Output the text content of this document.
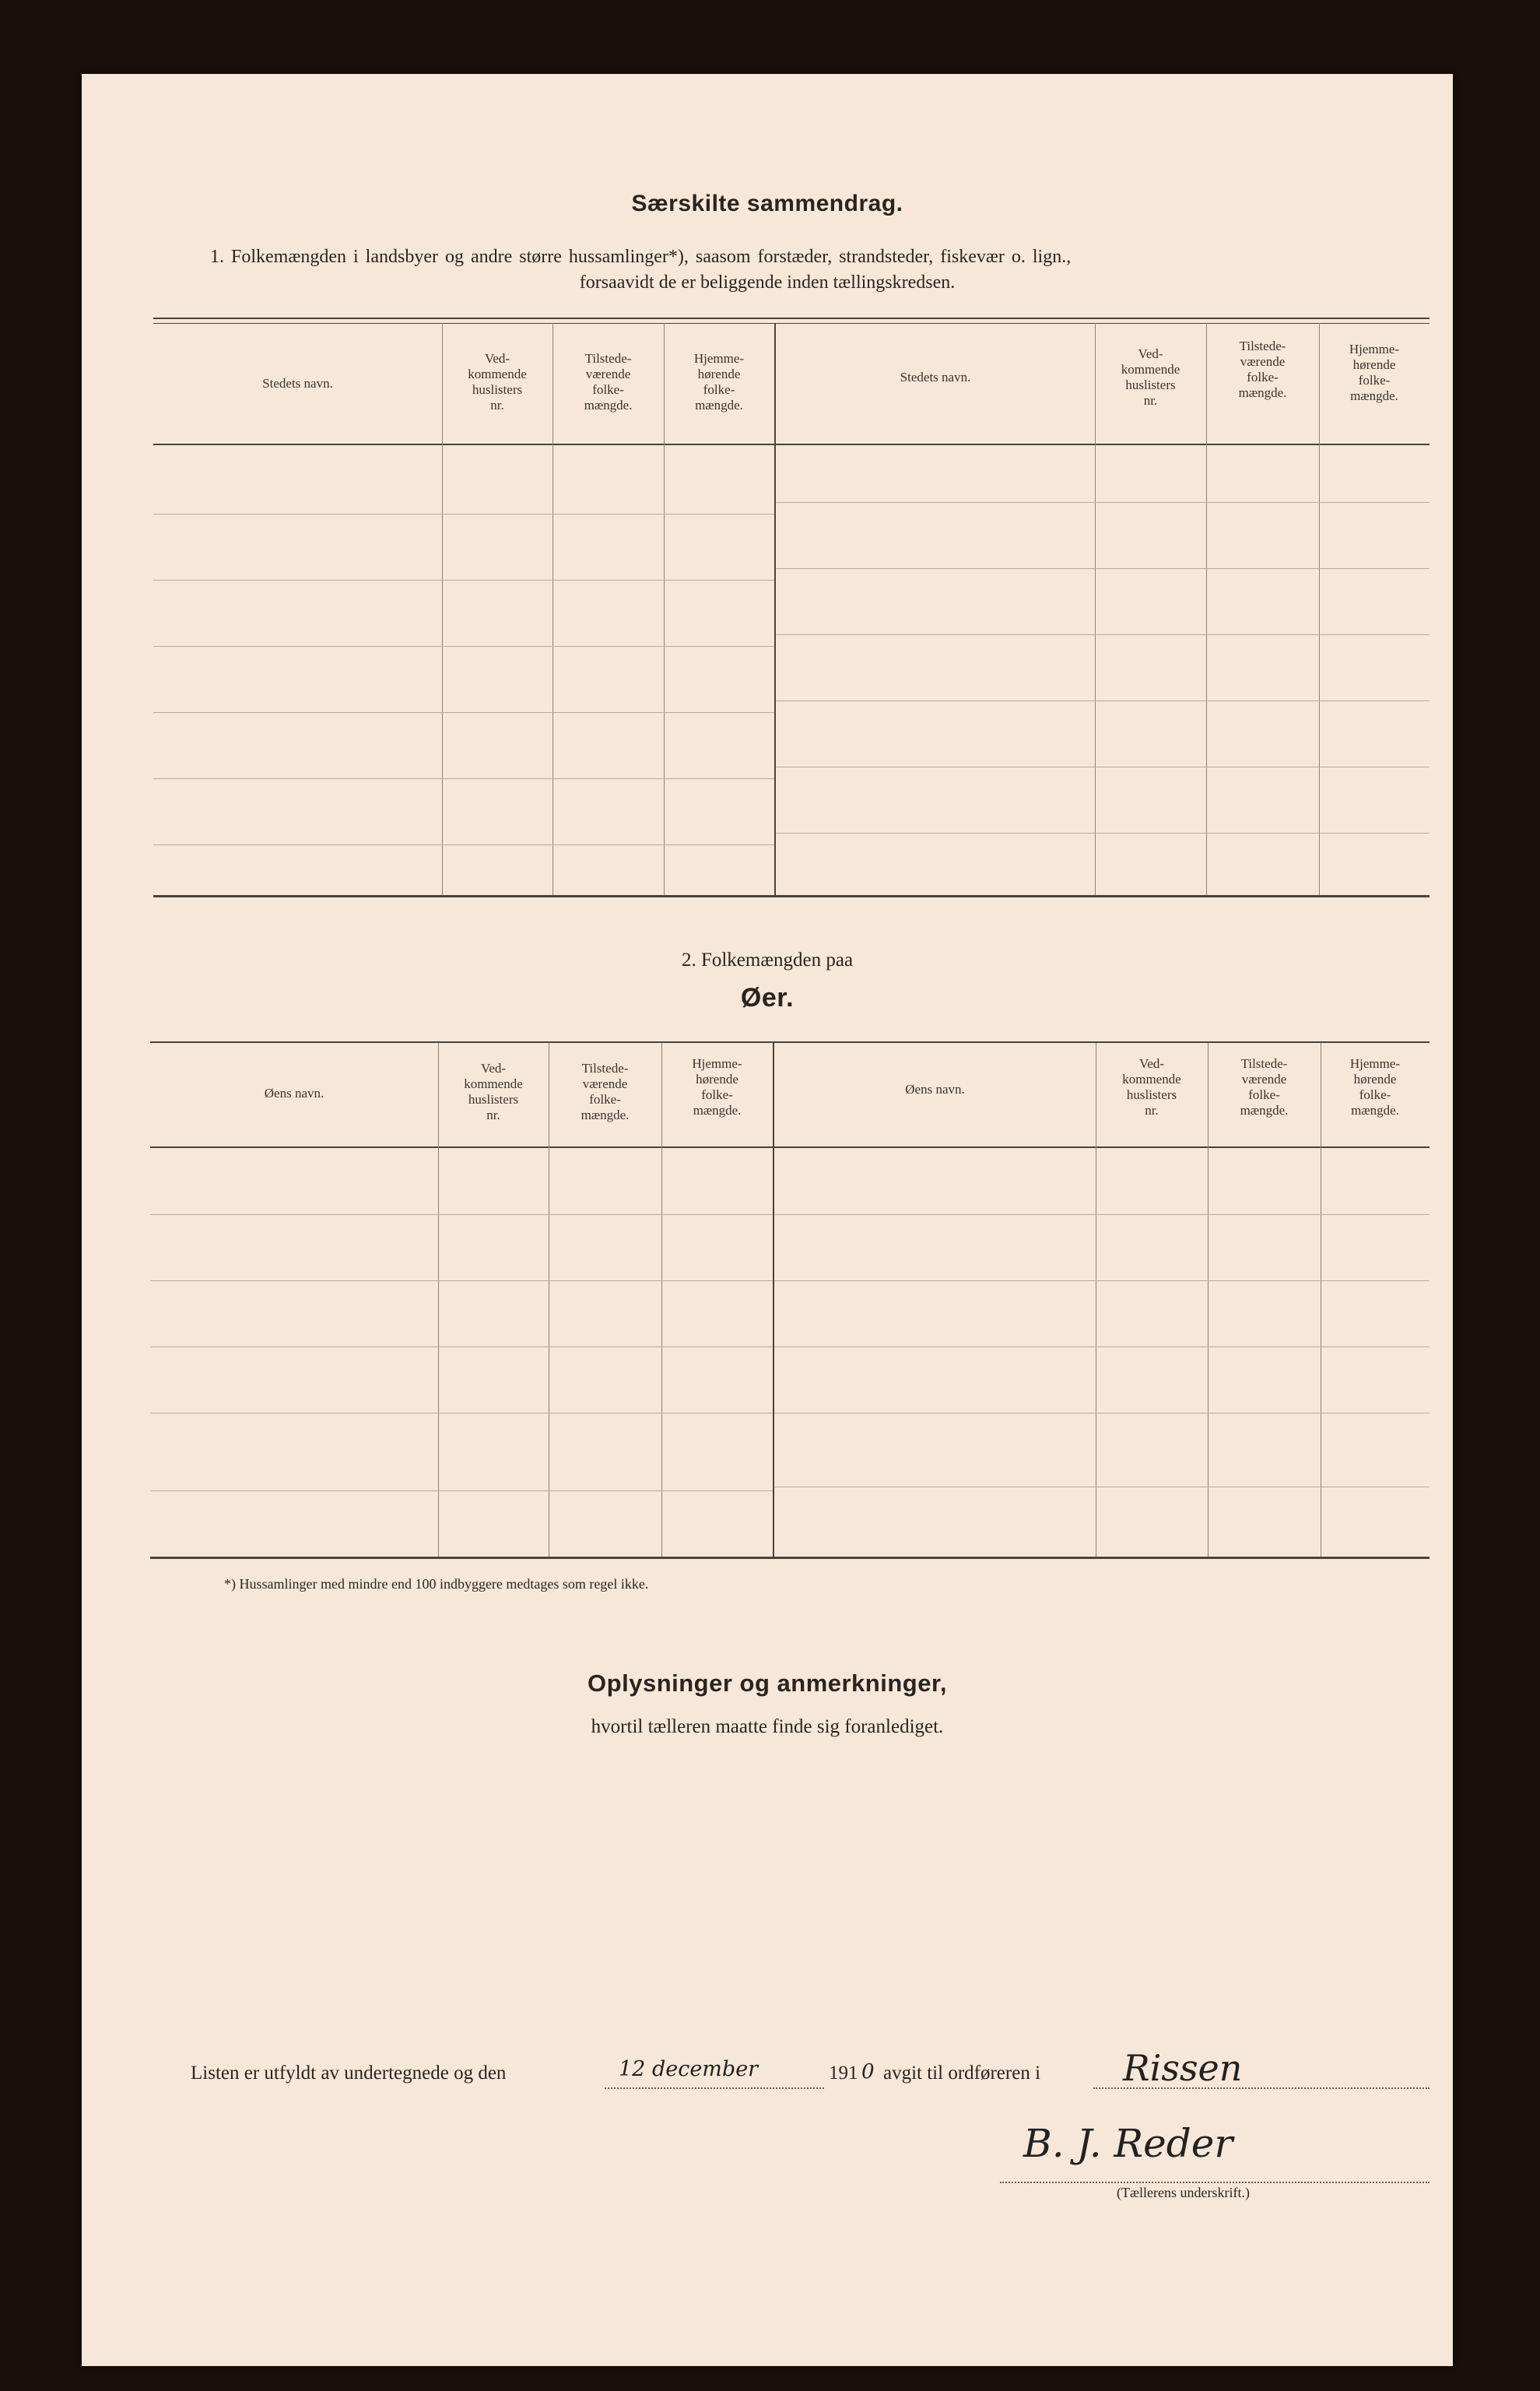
Særskilte sammendrag.
1. Folkemængden i landsbyer og andre større hussamlinger*), saasom forstæder, strandsteder, fiskevær o. lign.,
forsaavidt de er beliggende inden tællingskredsen.
Stedets navn.
Ved-
kommende
huslisters
nr.
Tilstede-
værende
folke-
mængde.
Hjemme-
hørende
folke-
mængde.
Stedets navn.
Ved-
kommende
huslisters
nr.
Tilstede-
værende
folke-
mængde.
Hjemme-
hørende
folke-
mængde.
2. Folkemængden paa
Øer.
Øens navn.
Ved-
kommende
huslisters
nr.
Tilstede-
værende
folke-
mængde.
Hjemme-
hørende
folke-
mængde.
Øens navn.
Ved-
kommende
huslisters
nr.
Tilstede-
værende
folke-
mængde.
Hjemme-
hørende
folke-
mængde.
*) Hussamlinger med mindre end 100 indbyggere medtages som regel ikke.
Oplysninger og anmerkninger,
hvortil tælleren maatte finde sig foranlediget.
Listen er utfyldt av undertegnede og den	12 december	191 0 avgit til ordføreren i Rissen
B. J. Reder
(Tællerens underskrift.)
